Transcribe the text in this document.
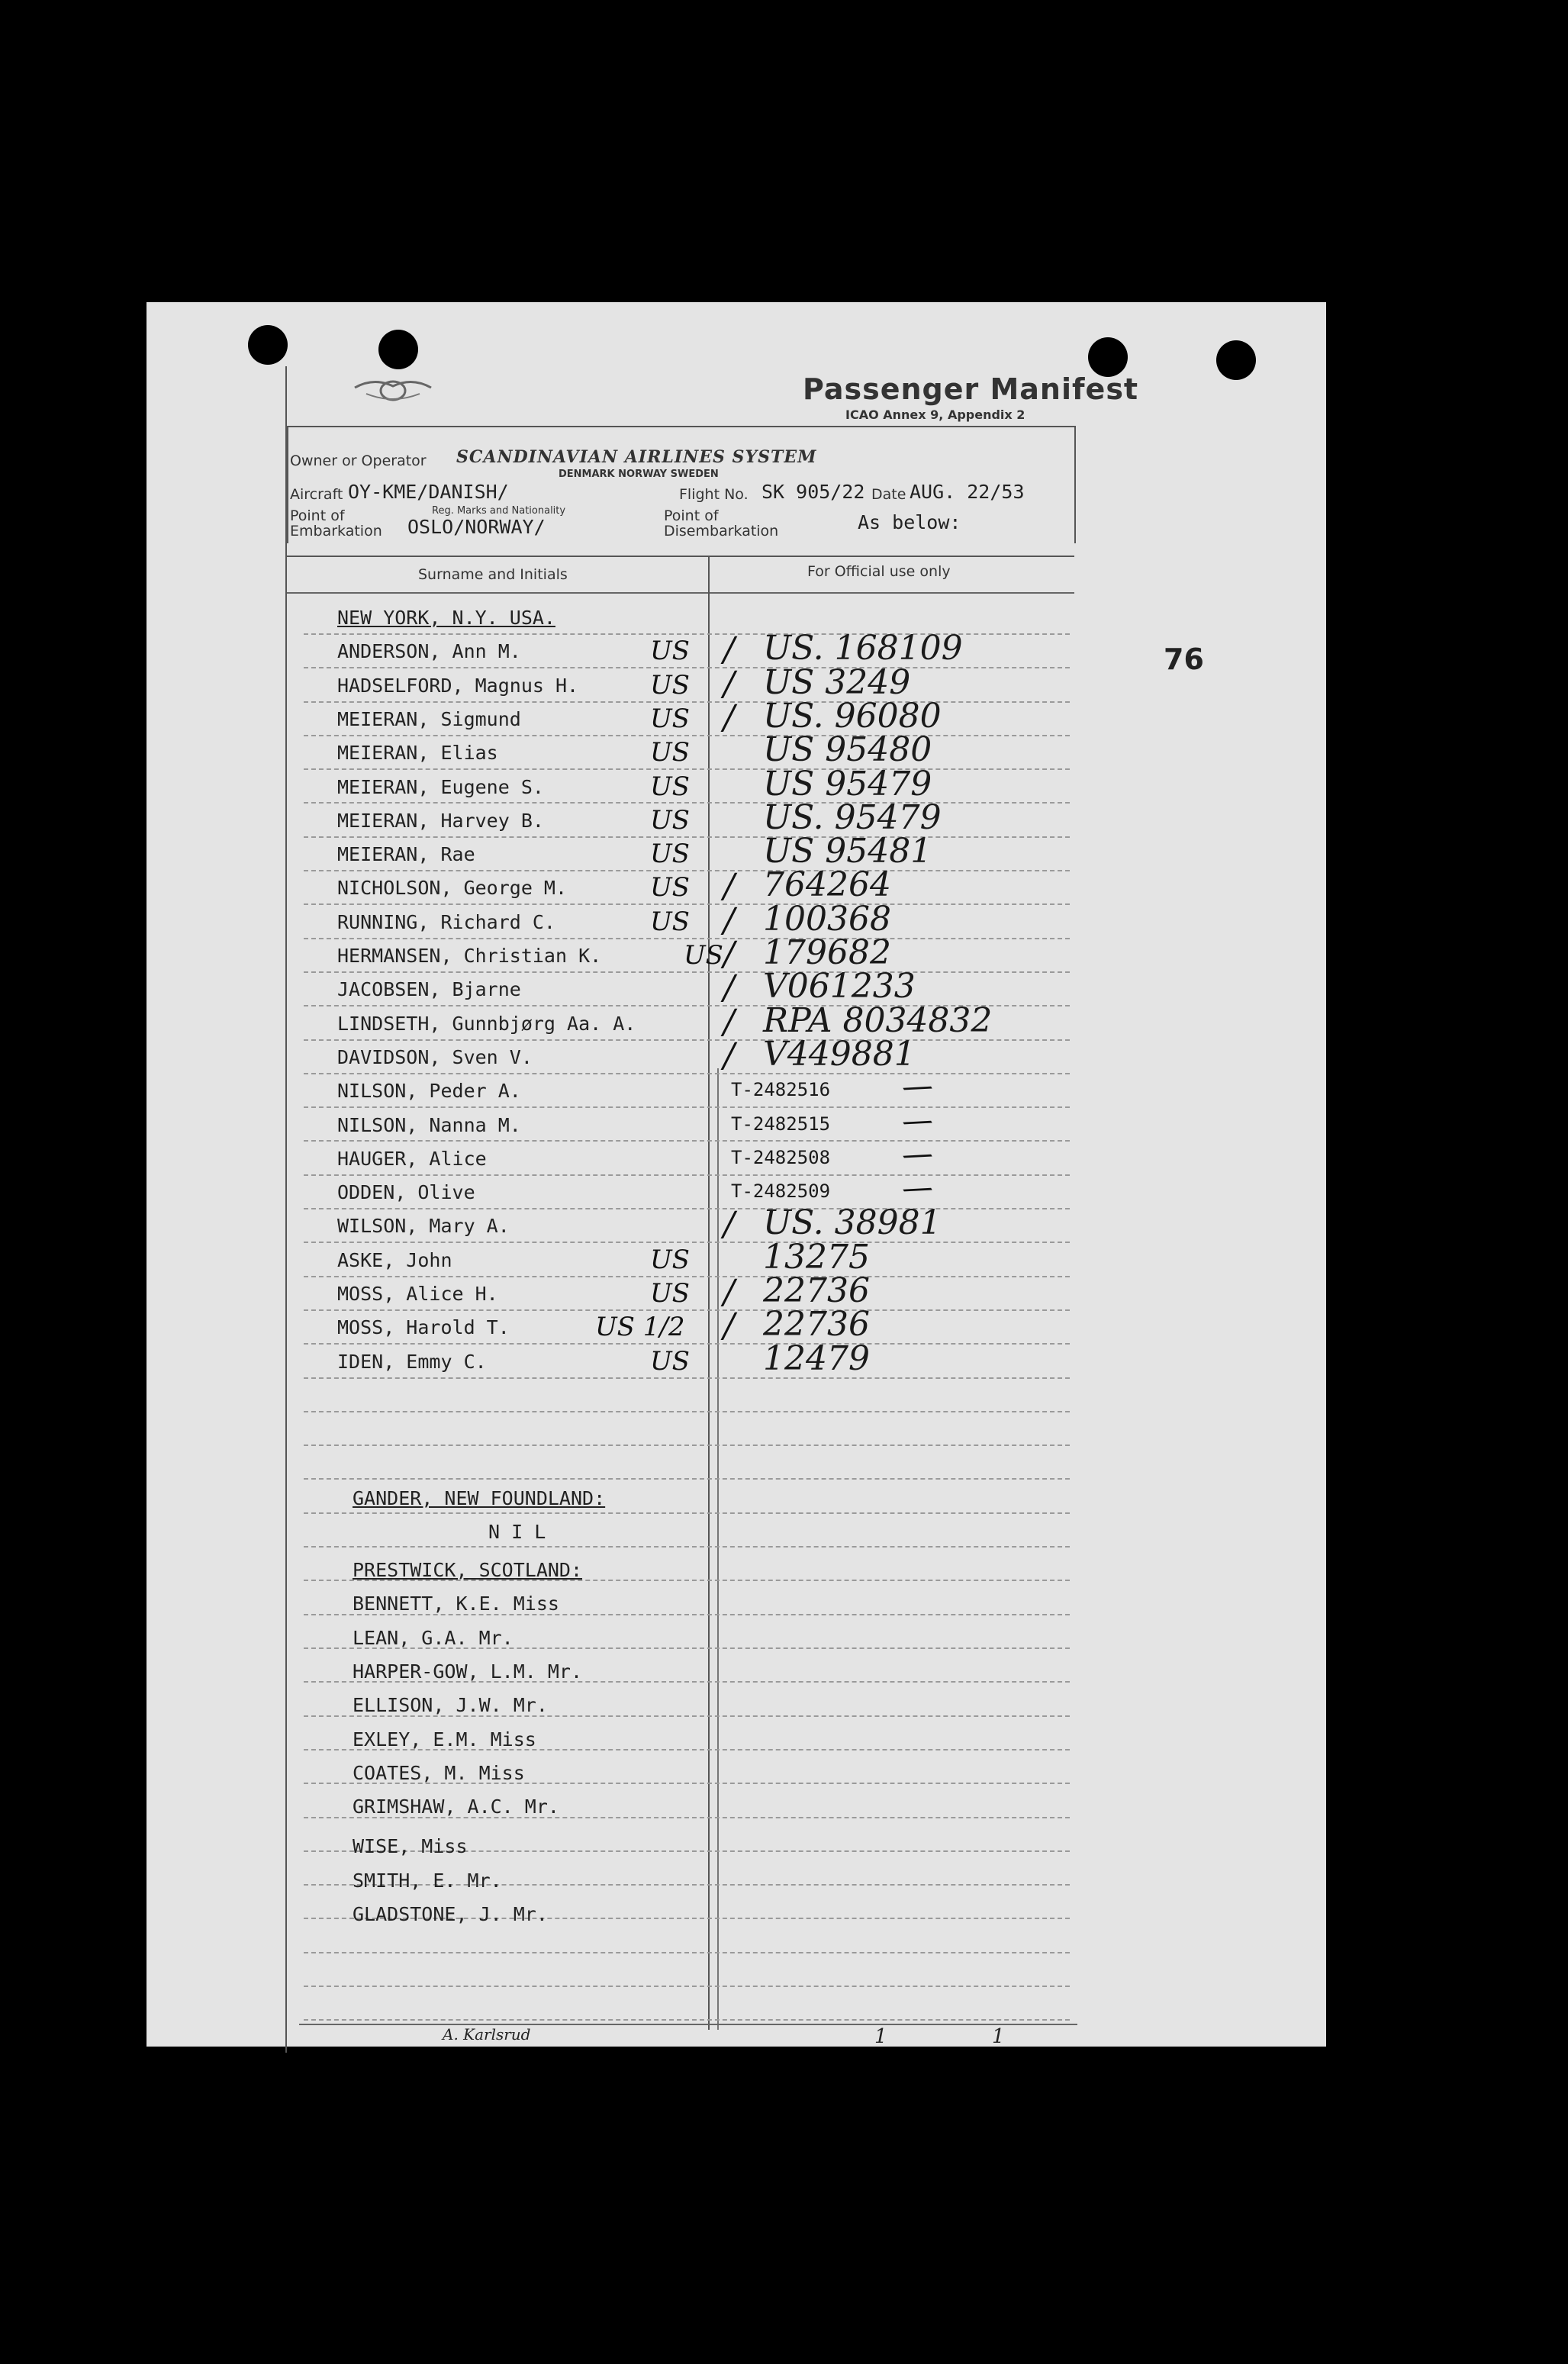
Passenger Manifest
ICAO Annex 9, Appendix 2
Owner or Operator SCANDINAVIAN AIRLINES SYSTEM
DENMARK NORWAY SWEDEN
Aircraft OY-KME/DANISH/
Reg. Marks and Nationality
Flight No. SK 905/22 Date AUG. 22/53
Point of Embarkation OSLO/NORWAY/	Point of Disembarkation	As below:
Surname and Initials	For Official use only
76
NEW YORK, N.Y. USA.
ANDERSON, Ann M.	US / US. 168109
HADSELFORD, Magnus H.	US / US 3249
MEIERAN, Sigmund	US / US. 96080
MEIERAN, Elias	US US 95480
MEIERAN, Eugene S.	US US 95479
MEIERAN, Harvey B.	US US. 95479
MEIERAN, Rae	US US 95481
NICHOLSON, George M.	US / 764264
RUNNING, Richard C.	US / 100368
HERMANSEN, Christian K.	US / 179682
JACOBSEN, Bjarne	/ V061233
LINDSETH, Gunnbjørg Aa. A.	/ RPA 8034832
DAVIDSON, Sven V.	/ V449881
NILSON, Peder A.	T-2482516 /
NILSON, Nanna M.	T-2482515 /
HAUGER, Alice	T-2482508 /
ODDEN, Olive	T-2482509 /
WILSON, Mary A.	/ US. 38981
ASKE, John	US 13275
MOSS, Alice H.	US / 22736
MOSS, Harold T.	US 1/2 / 22736
IDEN, Emmy C.	US 12479
GANDER, NEW FOUNDLAND:
N I L
PRESTWICK, SCOTLAND:
BENNETT, K.E. Miss
LEAN, G.A. Mr.
HARPER-GOW, L.M. Mr.
ELLISON, J.W. Mr.
EXLEY, E.M. Miss
COATES, M. Miss
GRIMSHAW, A.C. Mr.
WISE, Miss
SMITH, E. Mr.
GLADSTONE, J. Mr.
A. Karlsrud	1	1
